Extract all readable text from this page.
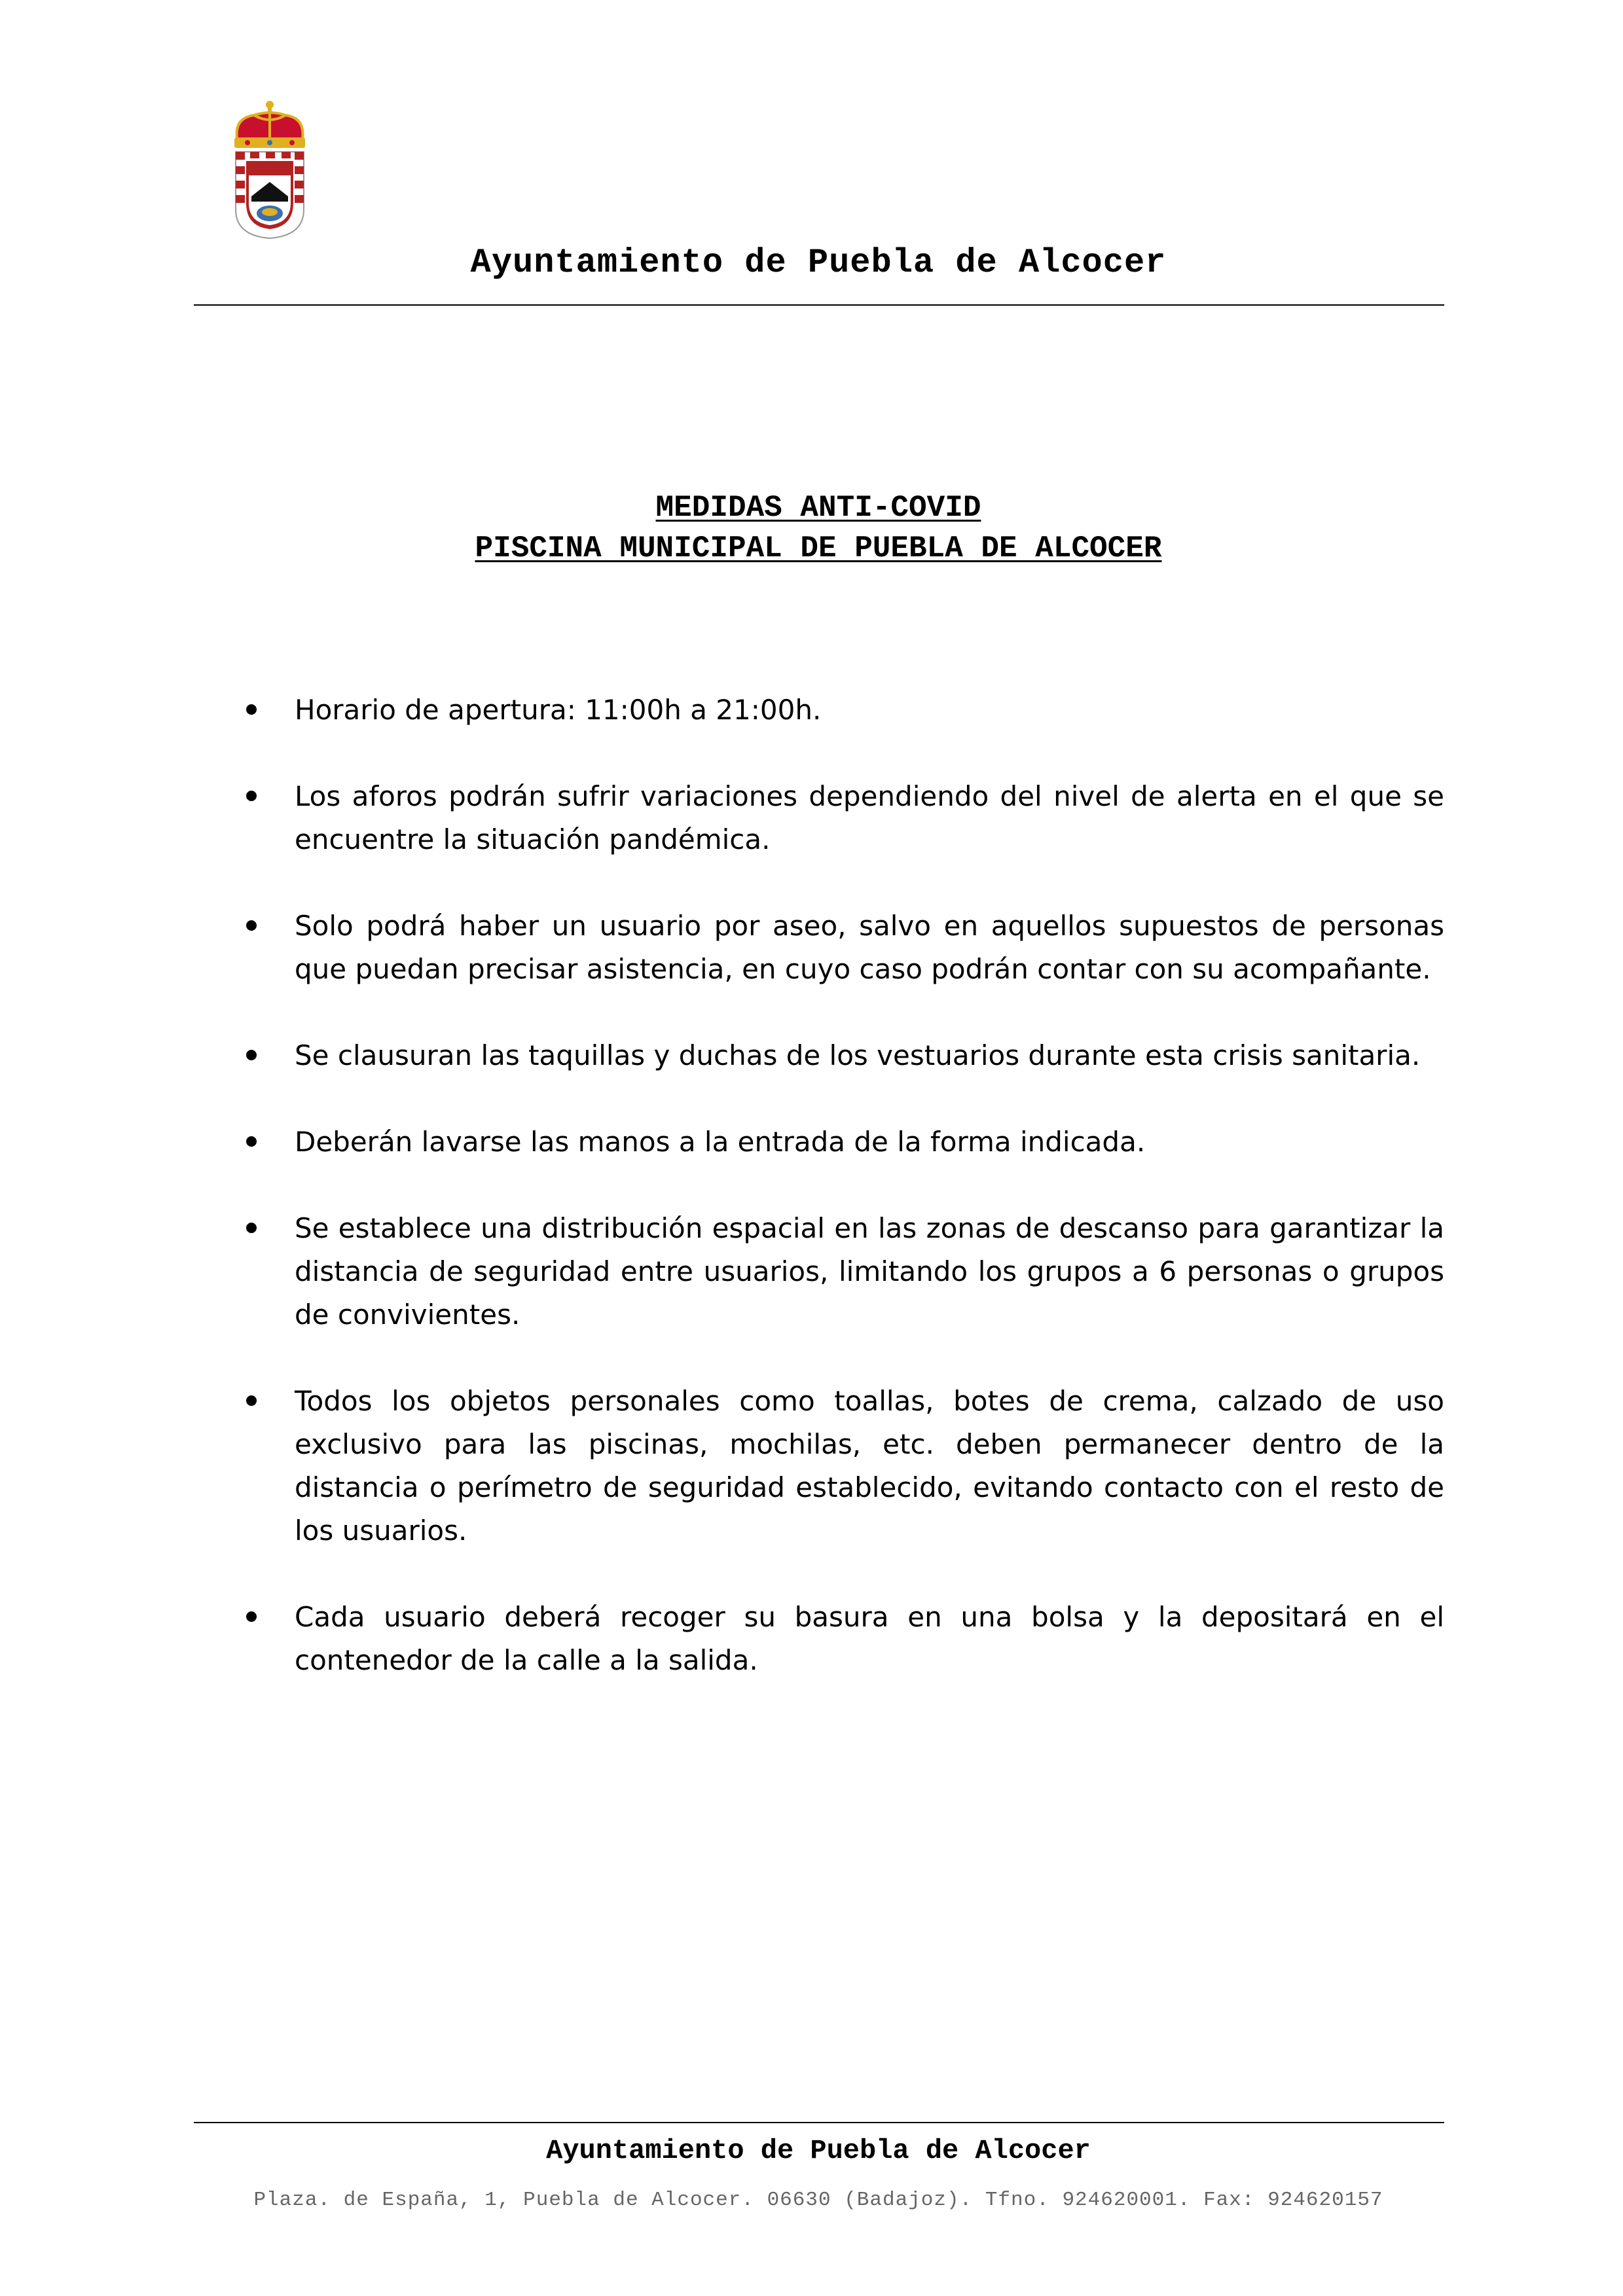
Ayuntamiento de Puebla de Alcocer
MEDIDAS ANTI-COVID
PISCINA MUNICIPAL DE PUEBLA DE ALCOCER
Horario de apertura: 11:00h a 21:00h.
Los aforos podrán sufrir variaciones dependiendo del nivel de alerta en el que se encuentre la situación pandémica.
Solo podrá haber un usuario por aseo, salvo en aquellos supuestos de personas que puedan precisar asistencia, en cuyo caso podrán contar con su acompañante.
Se clausuran las taquillas y duchas de los vestuarios durante esta crisis sanitaria.
Deberán lavarse las manos a la entrada de la forma indicada.
Se establece una distribución espacial en las zonas de descanso para garantizar la distancia de seguridad entre usuarios, limitando los grupos a 6 personas o grupos de convivientes.
Todos los objetos personales como toallas, botes de crema, calzado de uso exclusivo para las piscinas, mochilas, etc. deben permanecer dentro de la distancia o perímetro de seguridad establecido, evitando contacto con el resto de los usuarios.
Cada usuario deberá recoger su basura en una bolsa y la depositará en el contenedor de la calle a la salida.
Ayuntamiento de Puebla de Alcocer
Plaza. de España, 1, Puebla de Alcocer. 06630 (Badajoz). Tfno. 924620001. Fax: 924620157
